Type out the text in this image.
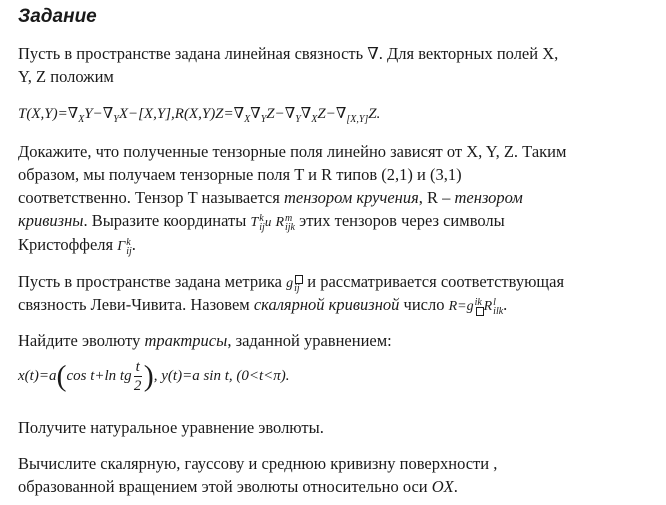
Задание
Пусть в пространстве задана линейная связность ∇. Для векторных полей X,
Y, Z положим
$T(X,Y)=\nabla_XY-\nabla_YX-[X,Y],R(X,Y)Z=\nabla_X\nabla_YZ-\nabla_Y\nabla_XZ-\nabla_{[X,Y]}Z$.
Докажите, что полученные тензорные поля линейно зависят от X, Y, Z. Таким
образом, мы получаем тензорные поля T и R типов (2,1) и (3,1)
соответственно. Тензор T называется тензором кручения, R – тензором
кривизны. Выразите координаты T k
ij u R m
ijk этих тензоров через символы
Кристоффеля Γ k
ij .
Пусть в пространстве задана метрика g ij и рассматривается соответствующая
связность Леви-Чивита. Назовем скалярной кривизной число R=g ik R l
ilk .
Найдите эволюту трактрисы, заданной уравнением:
x(t)=a(cos t+ln tg $\frac{t}{2}$ ), y(t)=a sin t, (0<t<π).
Получите натуральное уравнение эволюты.
Вычислите скалярную, гауссову и среднюю кривизну поверхности ,
образованной вращением этой эволюты относительно оси OX.
